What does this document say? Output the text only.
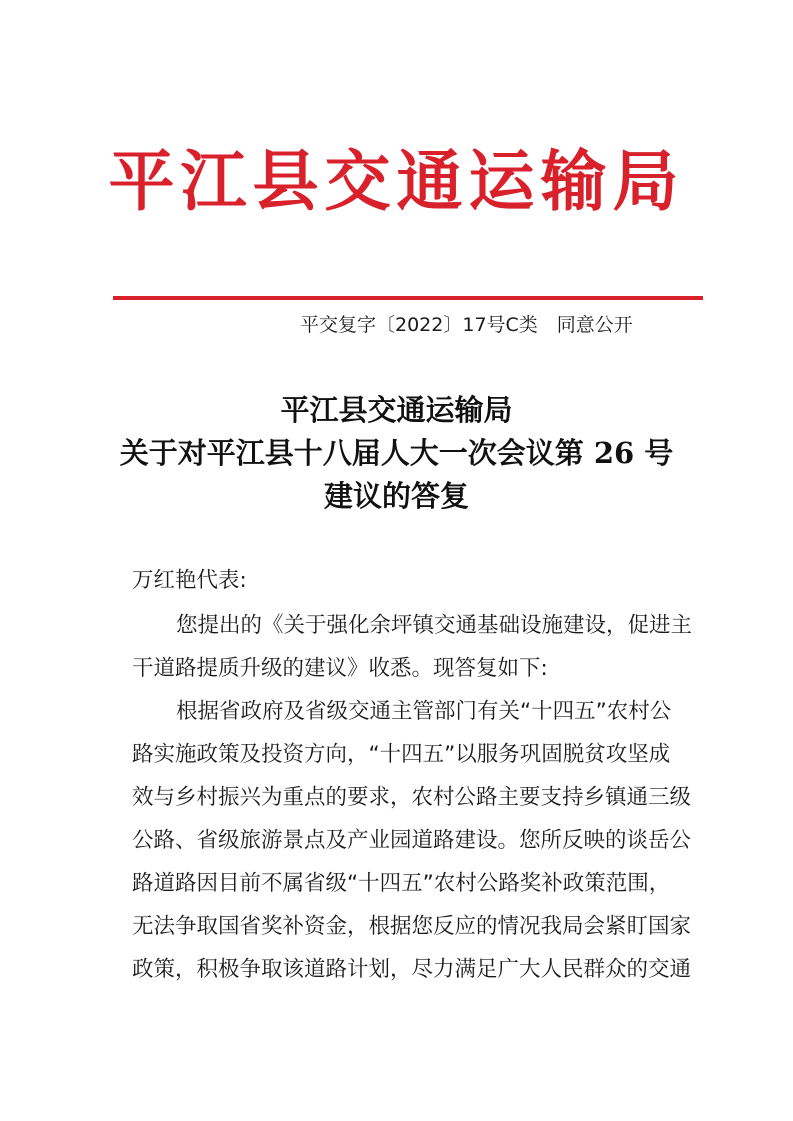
平江县交通运输局
平交复字〔2022〕17号C类　同意公开
平江县交通运输局
关于对平江县十八届人大一次会议第 26 号
建议的答复
万红艳代表:
您提出的《关于强化余坪镇交通基础设施建设，促进主
干道路提质升级的建议》收悉。现答复如下:
根据省政府及省级交通主管部门有关“十四五”农村公
路实施政策及投资方向，“十四五”以服务巩固脱贫攻坚成
效与乡村振兴为重点的要求，农村公路主要支持乡镇通三级
公路、省级旅游景点及产业园道路建设。您所反映的谈岳公
路道路因目前不属省级“十四五”农村公路奖补政策范围，
无法争取国省奖补资金，根据您反应的情况我局会紧盯国家
政策，积极争取该道路计划，尽力满足广大人民群众的交通
